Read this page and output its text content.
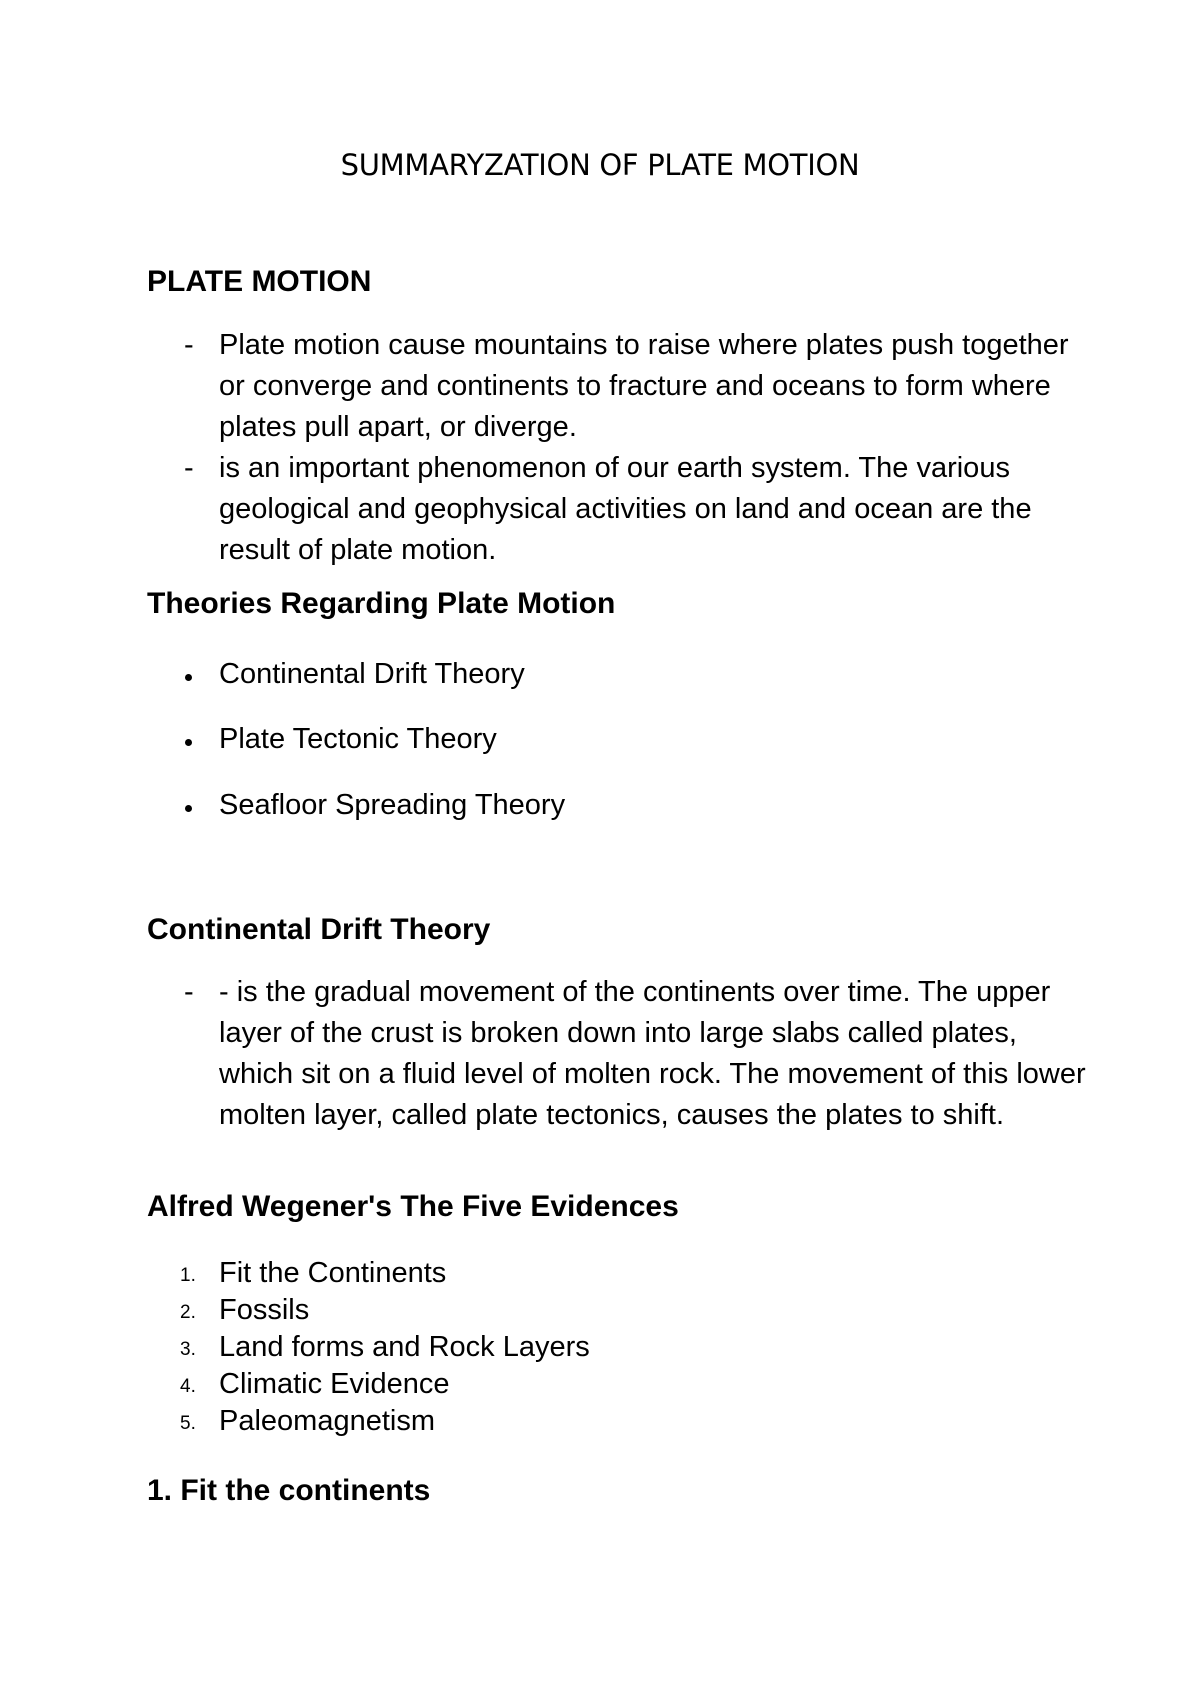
SUMMARYZATION OF PLATE MOTION
PLATE MOTION
- Plate motion cause mountains to raise where plates push together or converge and continents to fracture and oceans to form where plates pull apart, or diverge.

- is an important phenomenon of our earth system. The various geological and geophysical activities on land and ocean are the result of plate motion.

Theories Regarding Plate Motion
Continental Drift Theory
Plate Tectonic Theory
Seafloor Spreading Theory
Continental Drift Theory
- - is the gradual movement of the continents over time. The upper layer of the crust is broken down into large slabs called plates, which sit on a fluid level of molten rock. The movement of this lower molten layer, called plate tectonics, causes the plates to shift.

Alfred Wegener's The Five Evidences
1. Fit the Continents
2. Fossils
3. Land forms and Rock Layers
4. Climatic Evidence
5. Paleomagnetism
1. Fit the continents
